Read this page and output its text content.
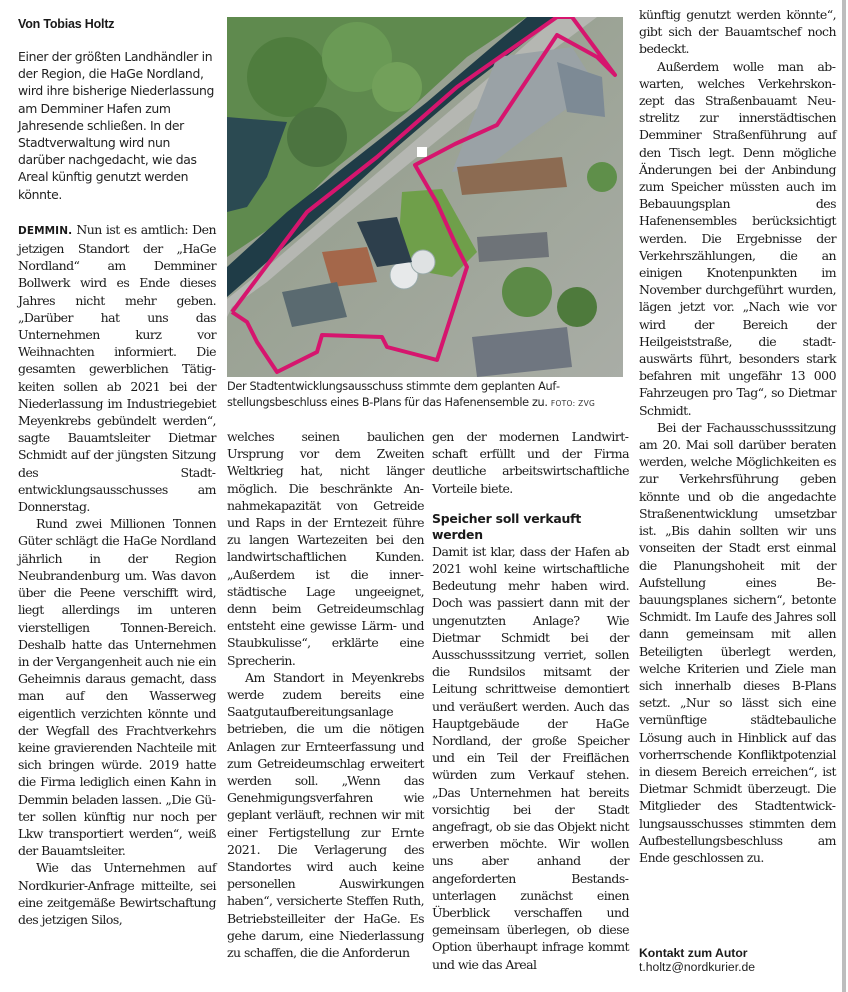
Von Tobias Holtz
Einer der größten Landhändler in der Region, die HaGe Nordland, wird ihre bisherige Niederlassung am Demminer Hafen zum Jahresende schließen. In der Stadtverwaltung wird nun darüber nachgedacht, wie das Areal künftig genutzt werden könnte.

DEMMIN. Nun ist es amtlich: Den jetzigen Standort der „HaGe Nordland“ am Demminer Bollwerk wird es Ende dieses Jahres nicht mehr geben. „Darüber hat uns das Unternehmen kurz vor Weihnachten informiert. Die gesamten gewerblichen Tätigkeiten sollen ab 2021 bei der Niederlassung im Industriegebiet Meyenkrebs gebündelt werden“, sagte Bauamtsleiter Dietmar Schmidt auf der jüngsten Sitzung des Stadtentwicklungsausschusses am Donnerstag.

Rund zwei Millionen Tonnen Güter schlägt die HaGe Nordland jährlich in der Region Neubrandenburg um. Was davon über die Peene verschifft wird, liegt allerdings im unteren vierstelligen Tonnen-Bereich. Deshalb hatte das Unternehmen in der Vergangenheit auch nie ein Geheimnis daraus gemacht, dass man auf den Wasserweg eigentlich verzichten könnte und der Wegfall des Frachtverkehrs keine gravierenden Nachteile mit sich bringen würde. 2019 hatte die Firma lediglich einen Kahn in Demmin beladen lassen. „Die Güter sollen künftig nur noch per Lkw transportiert werden“, weiß der Bauamtsleiter.

Wie das Unternehmen auf Nordkurier-Anfrage mitteilte, sei eine zeitgemäße Bewirtschaftung des jetzigen Silos,

Der Stadtentwicklungsausschuss stimmte dem geplanten Aufstellungsbeschluss eines B-Plans für das Hafenensemble zu. FOTO: ZVG

welches seinen baulichen Ursprung vor dem Zweiten Weltkrieg hat, nicht länger möglich. Die beschränkte Annahmekapazität von Getreide und Raps in der Erntezeit führe zu langen Wartezeiten bei den landwirtschaftlichen Kunden. „Außerdem ist die innerstädtische Lage ungeeignet, denn beim Getreideumschlag entsteht eine gewisse Lärm- und Staubkulisse“, erklärte eine Sprecherin.

Am Standort in Meyenkrebs werde zudem bereits eine Saatgutaufbereitungsanlage betrieben, die um die nötigen Anlagen zur Ernteerfassung und zum Getreideumschlag erweitert werden soll. „Wenn das Genehmigungsverfahren wie geplant verläuft, rechnen wir mit einer Fertigstellung zur Ernte 2021. Die Verlagerung des Standortes wird auch keine personellen Auswirkungen haben“, versicherte Steffen Ruth, Betriebsteilleiter der HaGe. Es gehe darum, eine Niederlassung zu schaffen, die die Anforderun

gen der modernen Landwirtschaft erfüllt und der Firma deutliche arbeitswirtschaftliche Vorteile biete.

Speicher soll verkauft werden

Damit ist klar, dass der Hafen ab 2021 wohl keine wirtschaftliche Bedeutung mehr haben wird. Doch was passiert dann mit der ungenutzten Anlage? Wie Dietmar Schmidt bei der Ausschusssitzung verriet, sollen die Rundsilos mitsamt der Leitung schrittweise demontiert und veräußert werden. Auch das Hauptgebäude der HaGe Nordland, der große Speicher und ein Teil der Freiflächen würden zum Verkauf stehen. „Das Unternehmen hat bereits vorsichtig bei der Stadt angefragt, ob sie das Objekt nicht erwerben möchte. Wir wollen uns aber anhand der angeforderten Bestandsunterlagen zunächst einen Überblick verschaffen und gemeinsam überlegen, ob diese Option überhaupt infrage kommt und wie das Areal

künftig genutzt werden könnte“, gibt sich der Bauamtschef noch bedeckt.

Außerdem wolle man abwarten, welches Verkehrskonzept das Straßenbauamt Neustrelitz zur innerstädtischen Demminer Straßenführung auf den Tisch legt. Denn mögliche Änderungen bei der Anbindung zum Speicher müssten auch im Bebauungsplan des Hafenensembles berücksichtigt werden. Die Ergebnisse der Verkehrszählungen, die an einigen Knotenpunkten im November durchgeführt wurden, lägen jetzt vor. „Nach wie vor wird der Bereich der Heilgeiststraße, die stadtauswärts führt, besonders stark befahren mit ungefähr 13 000 Fahrzeugen pro Tag“, so Dietmar Schmidt.

Bei der Fachausschusssitzung am 20. Mai soll darüber beraten werden, welche Möglichkeiten es zur Verkehrsführung geben könnte und ob die angedachte Straßenentwicklung umsetzbar ist. „Bis dahin sollten wir uns vonseiten der Stadt erst einmal die Planungshoheit mit der Aufstellung eines Bebauungsplanes sichern“, betonte Schmidt. Im Laufe des Jahres soll dann gemeinsam mit allen Beteiligten überlegt werden, welche Kriterien und Ziele man sich innerhalb dieses B-Plans setzt. „Nur so lässt sich eine vernünftige städtebauliche Lösung auch in Hinblick auf das vorherrschende Konfliktpotenzial in diesem Bereich erreichen“, ist Dietmar Schmidt überzeugt. Die Mitglieder des Stadtentwicklungsausschusses stimmten dem Aufbestellungsbeschluss am Ende geschlossen zu.

Kontakt zum Autor
t.holtz@nordkurier.de
